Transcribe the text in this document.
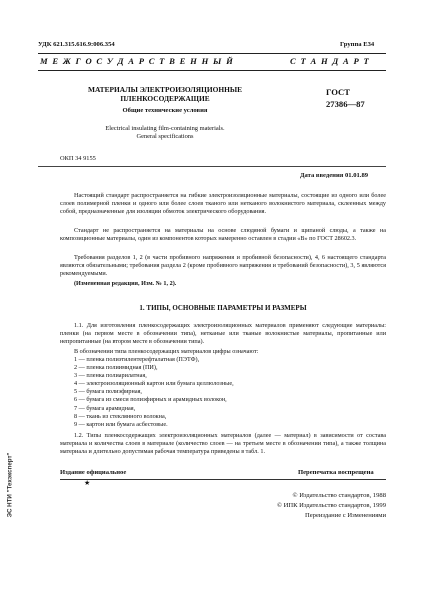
УДК 621.315.616.9:006.354	Группа Е34
М Е Ж Г О С У Д А Р С Т В Е Н Н Ы Й	С Т А Н Д А Р Т
МАТЕРИАЛЫ ЭЛЕКТРОИЗОЛЯЦИОННЫЕ
ПЛЕНКОСОДЕРЖАЩИЕ
Общие технические условия
Electrical insulating film-containing materials.
General specifications
ГОСТ
27386—87
ОКП 34 9155
Дата введения 01.01.89
Настоящий стандарт распространяется на гибкие электроизоляционные материалы, состоящие из одного или более слоев полимерной пленки и одного или более слоев тканого или нетканого волокнистого материала, склеенных между собой, предназначенные для изоляции обмоток электрического оборудования.
Стандарт не распространяется на материалы на основе слюдяной бумаги и щипаной слюды, а также на композиционные материалы, один из компонентов которых намеренно оставлен в стадии «В» по ГОСТ 28602.3.
Требования разделов 1, 2 (в части пробивного напряжения и пробивной безопасности), 4, 6 настоящего стандарта являются обязательными; требования раздела 2 (кроме пробивного напряжения и требований безопасности), 3, 5 являются рекомендуемыми.
(Измененная редакция, Изм. № 1, 2).
1. ТИПЫ, ОСНОВНЫЕ ПАРАМЕТРЫ И РАЗМЕРЫ
1.1. Для изготовления пленкосодержащих электроизоляционных материалов применяют следующие материалы: пленки (на первом месте в обозначении типа), нетканые или тканые волокнистые материалы, пропитанные или непропитанные (на втором месте в обозначении типа).
В обозначении типа пленкосодержащих материалов цифры означают:
1 — пленка полиэтилентерефталатная (ПЭТФ),
2 — пленка полиимидная (ПИ),
3 — пленка полиарилатная,
4 — электроизоляционный картон или бумага целлюлозные,
5 — бумага полиэфирная,
6 — бумага из смеси полиэфирных и арамидных волокон,
7 — бумага арамидная,
8 — ткань из стеклянного волокна,
9 — картон или бумага асбестовые.
1.2. Типы пленкосодержащих электроизоляционных материалов (далее — материал) в зависимости от состава материала и количества слоев в материале (количество слоев — на третьем месте в обозначении типа), а также толщина материала и длительно допустимая рабочая температура приведены в табл. 1.
Издание официальное
★
Перепечатка воспрещена
© Издательство стандартов, 1988
© ИПК Издательство стандартов, 1999
Переиздание с Изменениями
ЭС НТИ "Техэксперт"
